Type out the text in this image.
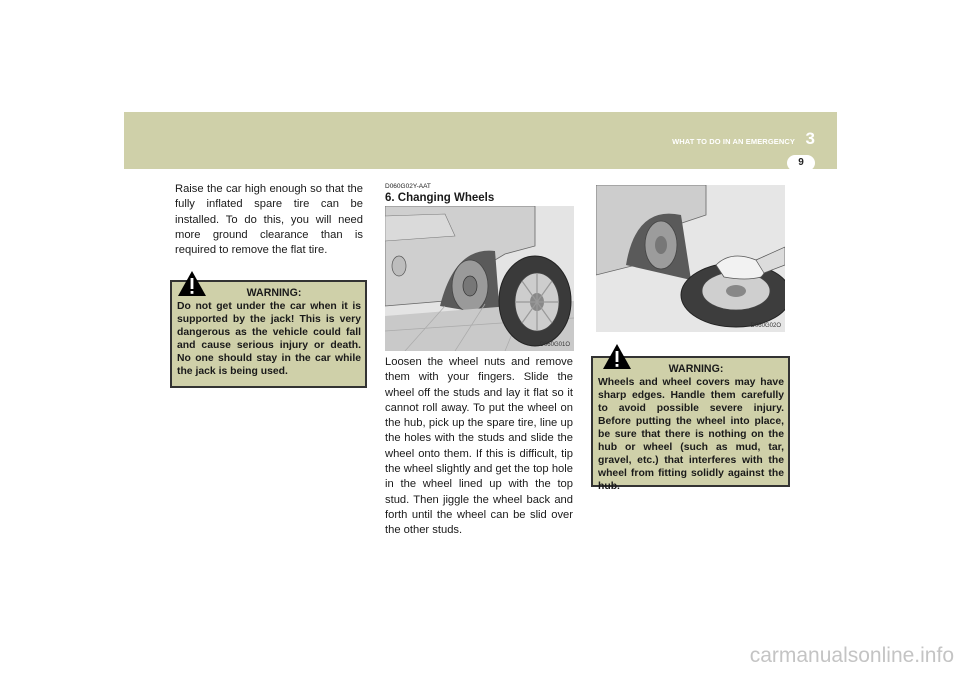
WHAT TO DO IN AN EMERGENCY 3
9
Raise the car high enough so that the fully inflated spare tire can be installed. To do this, you will need more ground clearance than is required to remove the flat tire.
WARNING:
Do not get under the car when it is supported by the jack! This is very dangerous as the vehicle could fall and cause serious injury or death. No one should stay in the car while the jack is being used.
D060G02Y-AAT
6. Changing Wheels
D060G01O
Loosen the wheel nuts and remove them with your fingers. Slide the wheel off the studs and lay it flat so it cannot roll away. To put the wheel on the hub, pick up the spare tire, line up the holes with the studs and slide the wheel onto them. If this is difficult, tip the wheel slightly and get the top hole in the wheel lined up with the top stud. Then jiggle the wheel back and forth until the wheel can be slid over the other studs.
D060G02O
WARNING:
Wheels and wheel covers may have sharp edges. Handle them carefully to avoid possible severe injury. Before putting the wheel into place, be sure that there is nothing on the hub or wheel (such as mud, tar, gravel, etc.) that interferes with the wheel from fitting solidly against the hub.
carmanualsonline.info
